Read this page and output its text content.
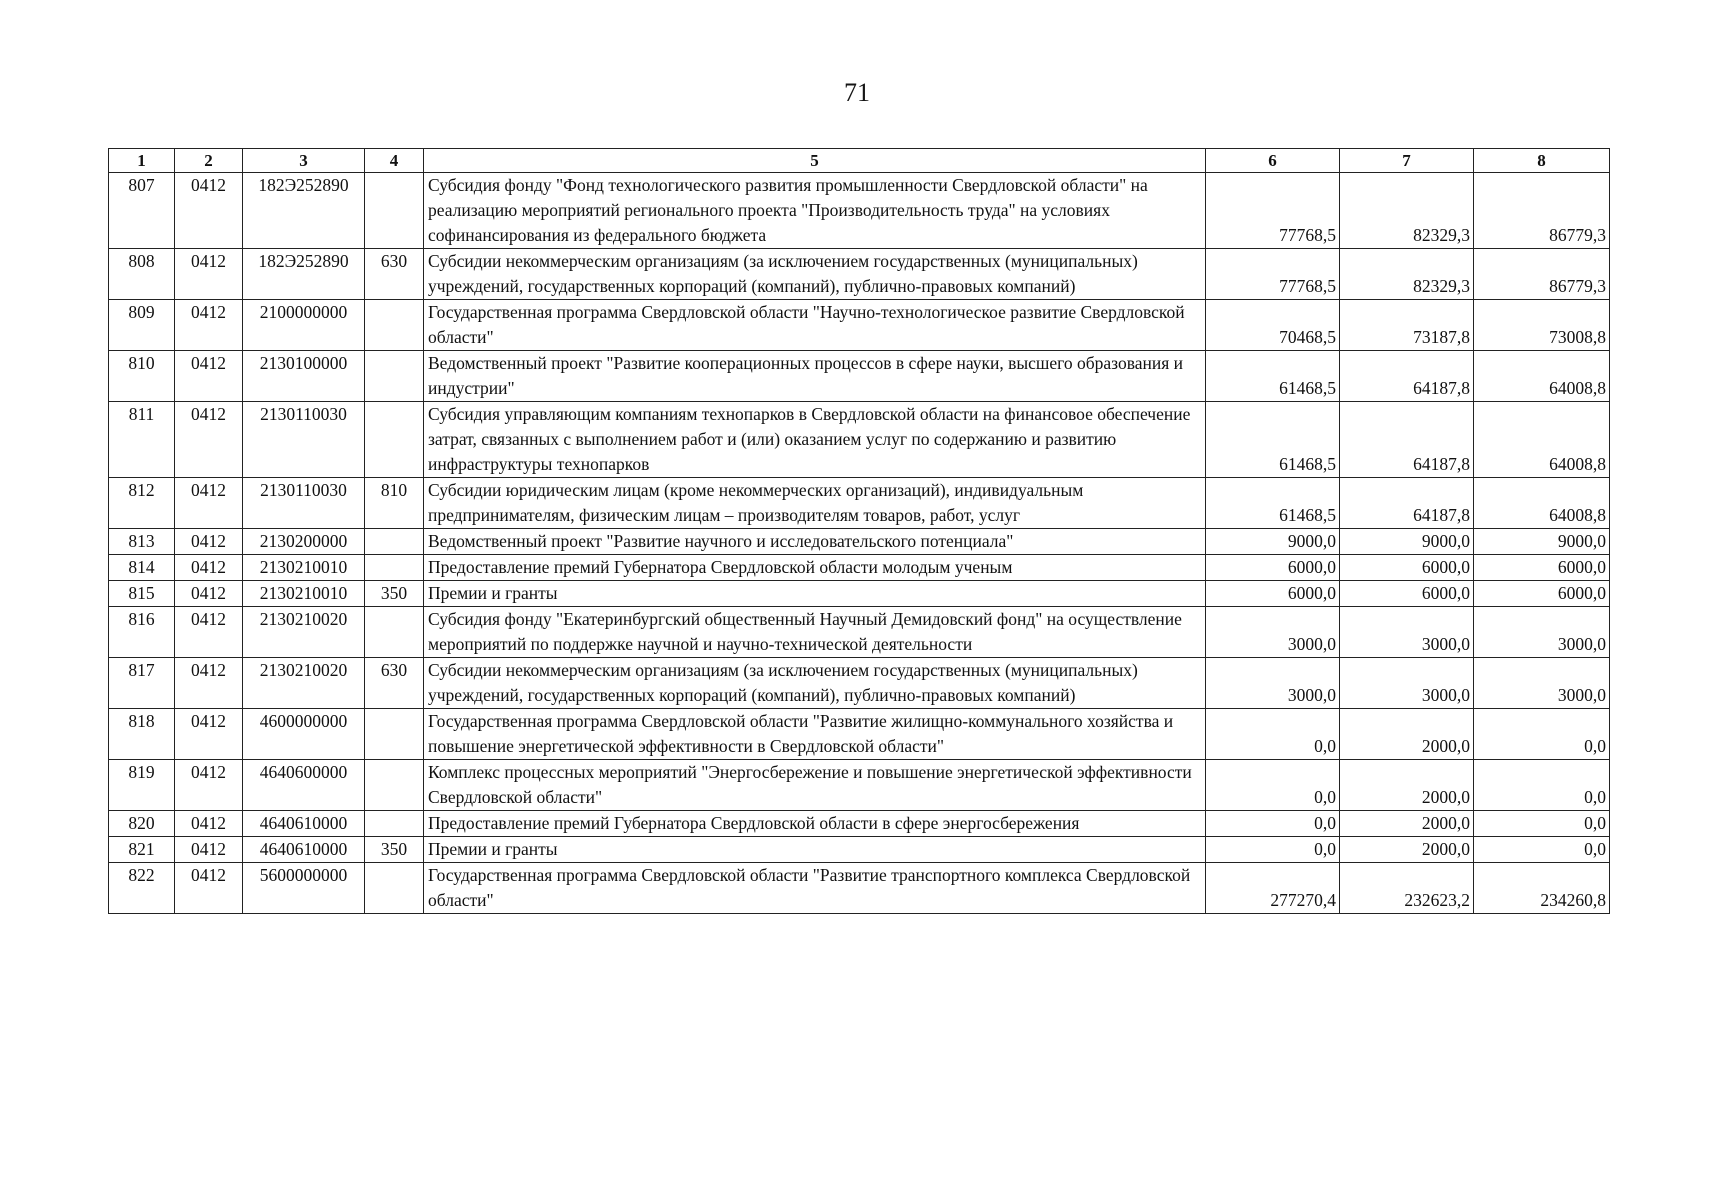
71
1	2	3	4	5	6	7	8
807	0412	182Э252890		Субсидия фонду "Фонд технологического развития промышленности Свердловской области" на реализацию мероприятий регионального проекта "Производительность труда" на условиях софинансирования из федерального бюджета	77768,5	82329,3	86779,3
808	0412	182Э252890	630	Субсидии некоммерческим организациям (за исключением государственных (муниципальных) учреждений, государственных корпораций (компаний), публично-правовых компаний)	77768,5	82329,3	86779,3
809	0412	2100000000		Государственная программа Свердловской области "Научно-технологическое развитие Свердловской области"	70468,5	73187,8	73008,8
810	0412	2130100000		Ведомственный проект "Развитие кооперационных процессов в сфере науки, высшего образования и индустрии"	61468,5	64187,8	64008,8
811	0412	2130110030		Субсидия управляющим компаниям технопарков в Свердловской области на финансовое обеспечение затрат, связанных с выполнением работ и (или) оказанием услуг по содержанию и развитию инфраструктуры технопарков	61468,5	64187,8	64008,8
812	0412	2130110030	810	Субсидии юридическим лицам (кроме некоммерческих организаций), индивидуальным предпринимателям, физическим лицам – производителям товаров, работ, услуг	61468,5	64187,8	64008,8
813	0412	2130200000		Ведомственный проект "Развитие научного и исследовательского потенциала"	9000,0	9000,0	9000,0
814	0412	2130210010		Предоставление премий Губернатора Свердловской области молодым ученым	6000,0	6000,0	6000,0
815	0412	2130210010	350	Премии и гранты	6000,0	6000,0	6000,0
816	0412	2130210020		Субсидия фонду "Екатеринбургский общественный Научный Демидовский фонд" на осуществление мероприятий по поддержке научной и научно-технической деятельности	3000,0	3000,0	3000,0
817	0412	2130210020	630	Субсидии некоммерческим организациям (за исключением государственных (муниципальных) учреждений, государственных корпораций (компаний), публично-правовых компаний)	3000,0	3000,0	3000,0
818	0412	4600000000		Государственная программа Свердловской области "Развитие жилищно-коммунального хозяйства и повышение энергетической эффективности в Свердловской области"	0,0	2000,0	0,0
819	0412	4640600000		Комплекс процессных мероприятий "Энергосбережение и повышение энергетической эффективности Свердловской области"	0,0	2000,0	0,0
820	0412	4640610000		Предоставление премий Губернатора Свердловской области в сфере энергосбережения	0,0	2000,0	0,0
821	0412	4640610000	350	Премии и гранты	0,0	2000,0	0,0
822	0412	5600000000		Государственная программа Свердловской области "Развитие транспортного комплекса Свердловской области"	277270,4	232623,2	234260,8
